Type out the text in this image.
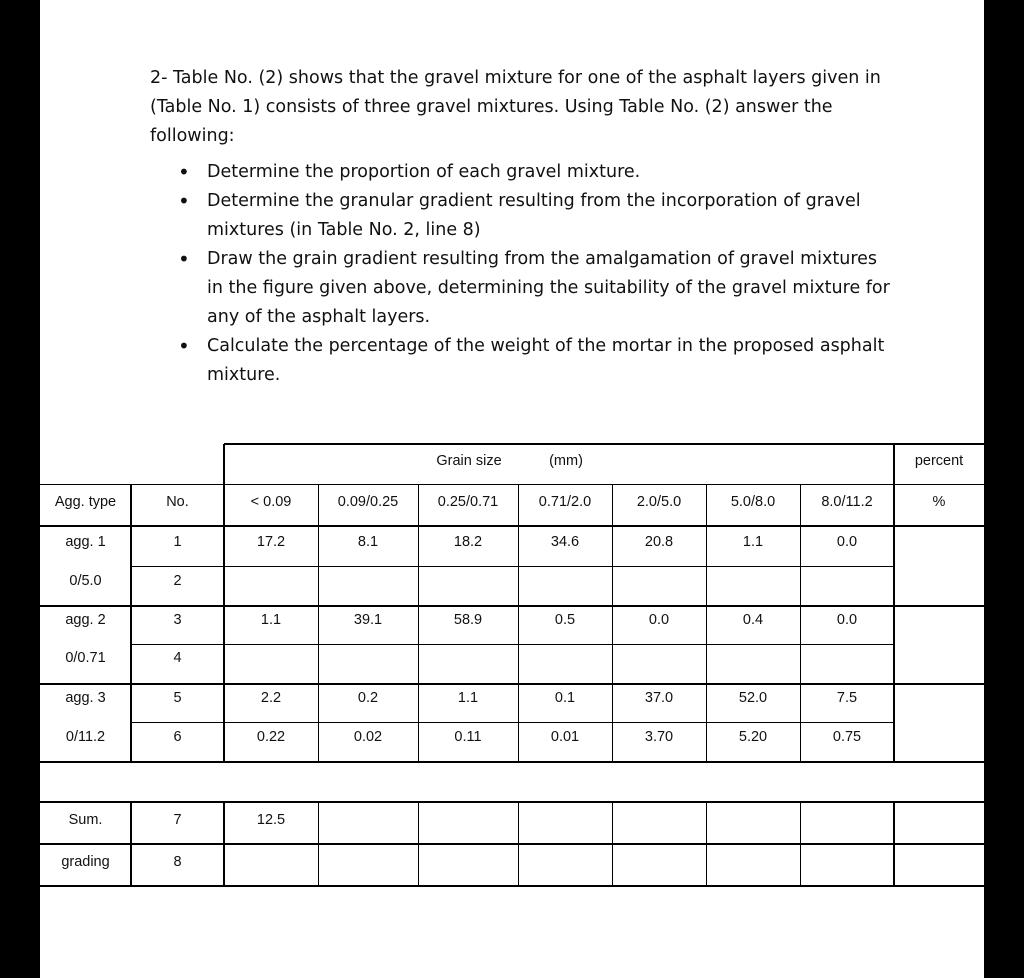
2- Table No. (2) shows that the gravel mixture for one of the asphalt layers given in (Table No. 1) consists of three gravel mixtures. Using Table No. (2) answer the following:

• Determine the proportion of each gravel mixture.
• Determine the granular gradient resulting from the incorporation of gravel mixtures (in Table No. 2, line 8)
• Draw the grain gradient resulting from the amalgamation of gravel mixtures in the figure given above, determining the suitability of the gravel mixture for any of the asphalt layers.
• Calculate the percentage of the weight of the mortar in the proposed asphalt mixture.
Grain size	(mm)	percent
Agg. type	No.	< 0.09	0.09/0.25	0.25/0.71	0.71/2.0	2.0/5.0	5.0/8.0	8.0/11.2	%
agg. 1	1	17.2	8.1	18.2	34.6	20.8	1.1	0.0
0/5.0	2
agg. 2	3	1.1	39.1	58.9	0.5	0.0	0.4	0.0
0/0.71	4
agg. 3	5	2.2	0.2	1.1	0.1	37.0	52.0	7.5
0/11.2	6	0.22	0.02	0.11	0.01	3.70	5.20	0.75
Sum.	7	12.5
grading	8
